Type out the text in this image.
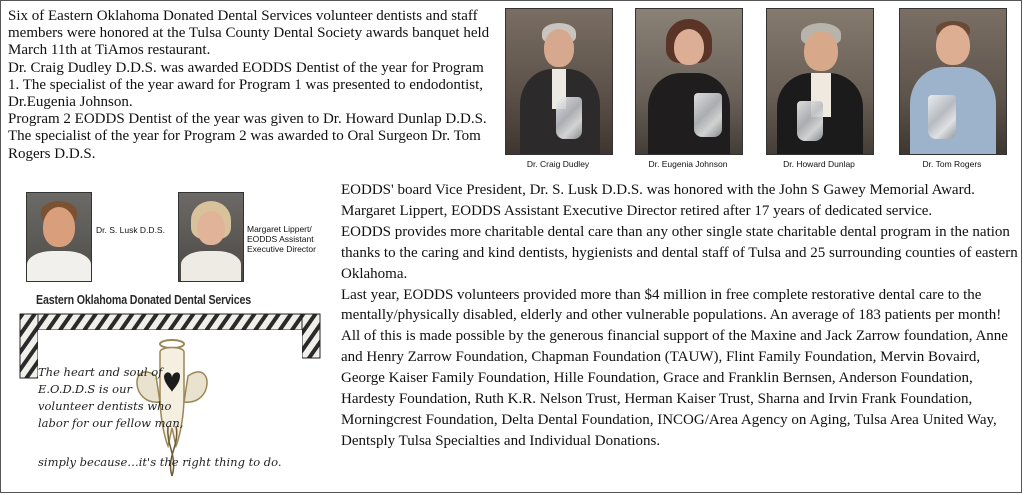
Six of Eastern Oklahoma Donated Dental Services volunteer dentists and staff members were honored at the Tulsa County Dental Society awards banquet held March 11th at TiAmos restaurant.

Dr. Craig Dudley D.D.S. was awarded EODDS Dentist of the year for Program 1. The specialist of the year award for Program 1 was presented to endodontist, Dr.Eugenia Johnson.

Program 2 EODDS Dentist of the year was given to Dr. Howard Dunlap D.D.S. The specialist of the year for Program 2 was awarded to Oral Surgeon Dr. Tom Rogers D.D.S.

Dr. Craig Dudley	Dr. Eugenia Johnson	Dr. Howard Dunlap	Dr. Tom Rogers
Dr. S. Lusk D.D.S.	Margaret Lippert/
EODDS Assistant
Executive Director
Eastern Oklahoma Donated Dental Services
The heart and soul of
E.O.D.D.S is our
volunteer dentists who
labor for our fellow man,
simply because…it's the right thing to do.

EODDS' board Vice President, Dr. S. Lusk D.D.S. was honored with the John S Gawey Memorial Award.

Margaret Lippert, EODDS Assistant Executive Director retired after 17 years of dedicated service.

EODDS provides more charitable dental care than any other single state charitable dental program in the nation thanks to the caring and kind dentists, hygienists and dental staff of Tulsa and 25 surrounding counties of eastern Oklahoma.

Last year, EODDS volunteers provided more than $4 million in free complete restorative dental care to the mentally/physically disabled, elderly and other vulnerable populations. An average of 183 patients per month!

All of this is made possible by the generous financial support of the Maxine and Jack Zarrow foundation, Anne and Henry Zarrow Foundation, Chapman Foundation (TAUW), Flint Family Foundation, Mervin Bovaird, George Kaiser Family Foundation, Hille Foundation, Grace and Franklin Bernsen, Anderson Foundation, Hardesty Foundation, Ruth K.R. Nelson Trust, Herman Kaiser Trust, Sharna and Irvin Frank Foundation, Morningcrest Foundation, Delta Dental Foundation, INCOG/Area Agency on Aging, Tulsa Area United Way, Dentsply Tulsa Specialties and Individual Donations.
